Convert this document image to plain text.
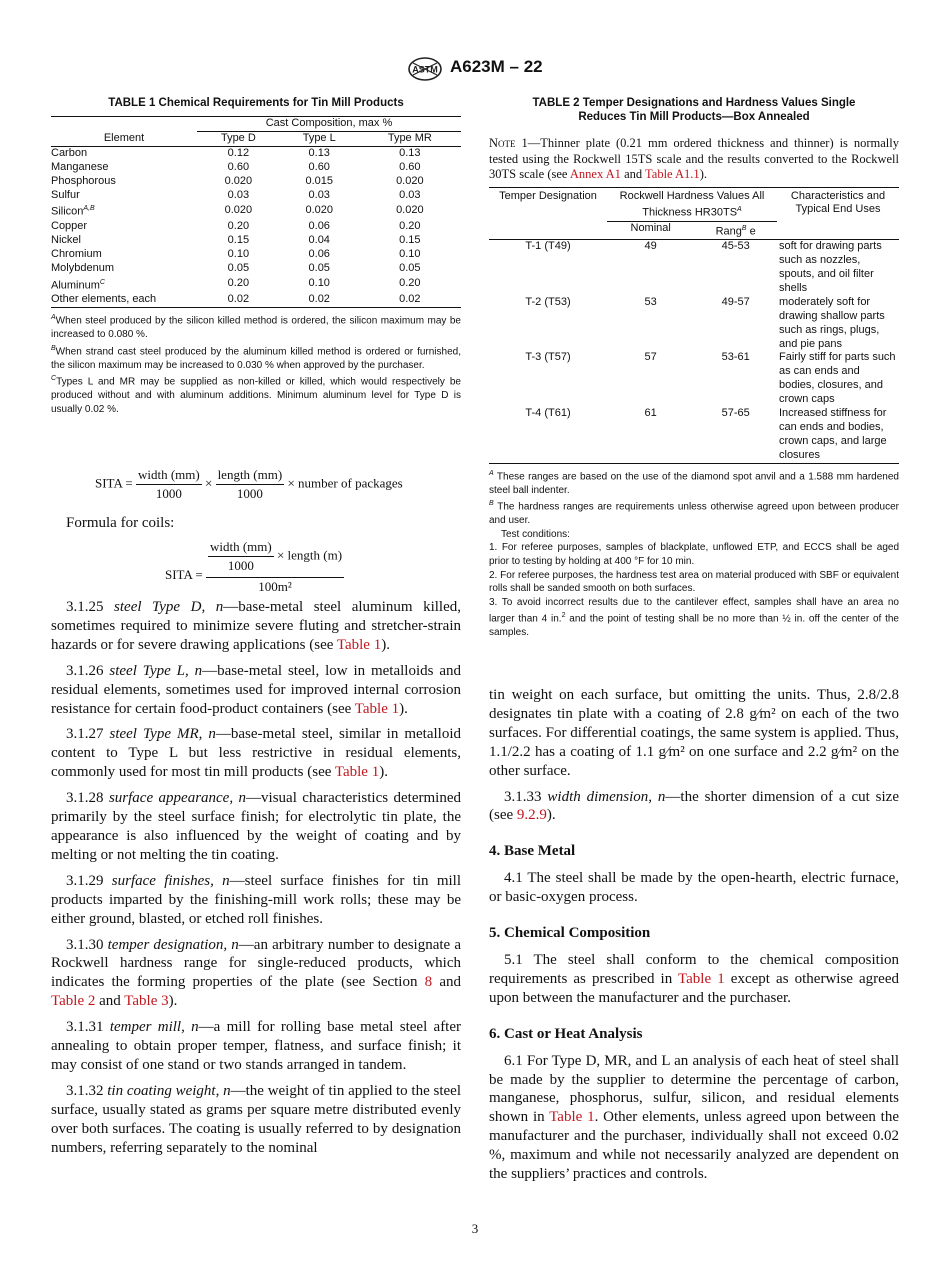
ASTM A623M – 22
TABLE 1 Chemical Requirements for Tin Mill Products
	Cast Composition, max %		
Element	Type D	Type L	Type MR
Carbon	0.12	0.13	0.13
Manganese	0.60	0.60	0.60
Phosphorous	0.020	0.015	0.020
Sulfur	0.03	0.03	0.03
Silicon$^{A,B}$	0.020	0.020	0.020
Copper	0.20	0.06	0.20
Nickel	0.15	0.04	0.15
Chromium	0.10	0.06	0.10
Molybdenum	0.05	0.05	0.05
Aluminum$^C$	0.20	0.10	0.20
Other elements, each	0.02	0.02	0.02
$^A$When steel produced by the silicon killed method is ordered, the silicon maximum may be increased to 0.080 %.
$^B$When strand cast steel produced by the aluminum killed method is ordered or furnished, the silicon maximum may be increased to 0.030 % when approved by the purchaser.
$^C$Types L and MR may be supplied as non-killed or killed, which would respectively be produced without and with aluminum additions. Minimum aluminum level for Type D is usually 0.02 %.
SITA = $\frac{\text{width (mm)}}{1000} \times \frac{\text{length (mm)}}{1000}$ × number of packages
Formula for coils:
SITA = $\frac{\frac{\text{width (mm)}}{1000} \times length (m)}{\text{100m²}}$

3.1.25 steel Type D, n—base-metal steel aluminum killed, sometimes required to minimize severe fluting and stretcher-strain hazards or for severe drawing applications (see Table 1).

3.1.26 steel Type L, n—base-metal steel, low in metalloids and residual elements, sometimes used for improved internal corrosion resistance for certain food-product containers (see Table 1).

3.1.27 steel Type MR, n—base-metal steel, similar in metalloid content to Type L but less restrictive in residual elements, commonly used for most tin mill products (see Table 1).

3.1.28 surface appearance, n—visual characteristics determined primarily by the steel surface finish; for electrolytic tin plate, the appearance is also influenced by the weight of coating and by melting or not melting the tin coating.

3.1.29 surface finishes, n—steel surface finishes for tin mill products imparted by the finishing-mill work rolls; these may be either ground, blasted, or etched roll finishes.

3.1.30 temper designation, n—an arbitrary number to designate a Rockwell hardness range for single-reduced products, which indicates the forming properties of the plate (see Section 8 and Table 2 and Table 3).

3.1.31 temper mill, n—a mill for rolling base metal steel after annealing to obtain proper temper, flatness, and surface finish; it may consist of one stand or two stands arranged in tandem.

3.1.32 tin coating weight, n—the weight of tin applied to the steel surface, usually stated as grams per square metre distributed evenly over both surfaces. The coating is usually referred to by designation numbers, referring separately to the nominal

TABLE 2 Temper Designations and Hardness Values Single Reduces Tin Mill Products—Box Annealed
Note 1—Thinner plate (0.21 mm ordered thickness and thinner) is normally tested using the Rockwell 15TS scale and the results converted to the Rockwell 30TS scale (see Annex A1 and Table A1.1).
Temper Designation	Rockwell Hardness Values All Thickness $HR30TS^A$		Characteristics and Typical End Uses
	Nominal	Rang$^B$ e	
T-1 (T49)	49	45-53	soft for drawing parts such as nozzles, spouts, and oil filter shells
T-2 (T53)	53	49-57	moderately soft for drawing shallow parts such as rings, plugs, and pie pans
T-3 (T57)	57	53-61	Fairly stiff for parts such as can ends and bodies, closures, and crown caps
T-4 (T61)	61	57-65	Increased stiffness for can ends and bodies, crown caps, and large closures
$^A$ These ranges are based on the use of the diamond spot anvil and a 1.588 mm hardened steel ball indenter.
$^B$ The hardness ranges are requirements unless otherwise agreed upon between producer and user.
Test conditions:
1. For referee purposes, samples of blackplate, unflowed ETP, and ECCS shall be aged prior to testing by holding at 400 °F for 10 min.
2. For referee purposes, the hardness test area on material produced with SBF or equivalent rolls shall be sanded smooth on both surfaces.
3. To avoid incorrect results due to the cantilever effect, samples shall have an area no larger than 4 in.$^2$ and the point of testing shall be no more than ½ in. off the center of the samples.

tin weight on each surface, but omitting the units. Thus, 2.8/2.8 designates tin plate with a coating of 2.8 g⁄m² on each of the two surfaces. For differential coatings, the same system is applied. Thus, 1.1/2.2 has a coating of 1.1 g⁄m² on one surface and 2.2 g⁄m² on the other surface.

3.1.33 width dimension, n—the shorter dimension of a cut size (see 9.2.9).

4. Base Metal

4.1 The steel shall be made by the open-hearth, electric furnace, or basic-oxygen process.

5. Chemical Composition

5.1 The steel shall conform to the chemical composition requirements as prescribed in Table 1 except as otherwise agreed upon between the manufacturer and the purchaser.

6. Cast or Heat Analysis

6.1 For Type D, MR, and L an analysis of each heat of steel shall be made by the supplier to determine the percentage of carbon, manganese, phosphorus, sulfur, silicon, and residual elements shown in Table 1. Other elements, unless agreed upon between the manufacturer and the purchaser, individually shall not exceed 0.02 %, maximum and while not necessarily analyzed are dependent on the suppliers’ practices and controls.

3
